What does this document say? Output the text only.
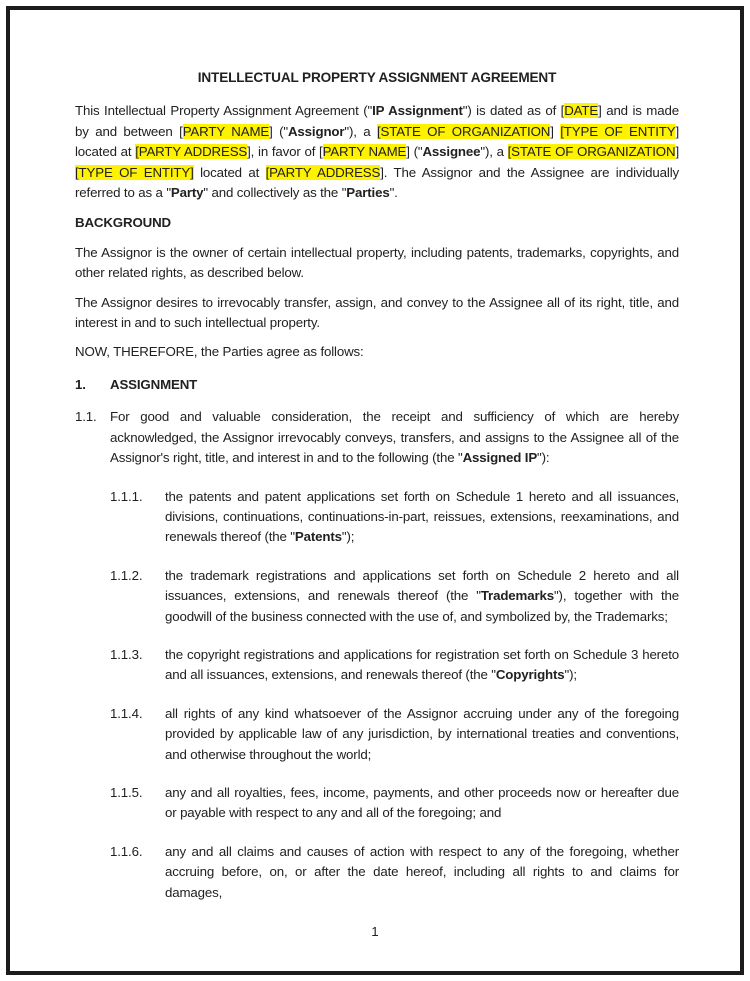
INTELLECTUAL PROPERTY ASSIGNMENT AGREEMENT

This Intellectual Property Assignment Agreement ("IP Assignment") is dated as of [DATE] and is made by and between [PARTY NAME] ("Assignor"), a [STATE OF ORGANIZATION] [TYPE OF ENTITY] located at [PARTY ADDRESS], in favor of [PARTY NAME] ("Assignee"), a [STATE OF ORGANIZATION] [TYPE OF ENTITY] located at [PARTY ADDRESS]. The Assignor and the Assignee are individually referred to as a "Party" and collectively as the "Parties".

BACKGROUND

The Assignor is the owner of certain intellectual property, including patents, trademarks, copyrights, and other related rights, as described below.

The Assignor desires to irrevocably transfer, assign, and convey to the Assignee all of its right, title, and interest in and to such intellectual property.

NOW, THEREFORE, the Parties agree as follows:

1. ASSIGNMENT
1.1. For good and valuable consideration, the receipt and sufficiency of which are hereby acknowledged, the Assignor irrevocably conveys, transfers, and assigns to the Assignee all of the Assignor's right, title, and interest in and to the following (the "Assigned IP"):
1.1.1. the patents and patent applications set forth on Schedule 1 hereto and all issuances, divisions, continuations, continuations-in-part, reissues, extensions, reexaminations, and renewals thereof (the "Patents");
1.1.2. the trademark registrations and applications set forth on Schedule 2 hereto and all issuances, extensions, and renewals thereof (the "Trademarks"), together with the goodwill of the business connected with the use of, and symbolized by, the Trademarks;
1.1.3. the copyright registrations and applications for registration set forth on Schedule 3 hereto and all issuances, extensions, and renewals thereof (the "Copyrights");
1.1.4. all rights of any kind whatsoever of the Assignor accruing under any of the foregoing provided by applicable law of any jurisdiction, by international treaties and conventions, and otherwise throughout the world;
1.1.5. any and all royalties, fees, income, payments, and other proceeds now or hereafter due or payable with respect to any and all of the foregoing; and
1.1.6. any and all claims and causes of action with respect to any of the foregoing, whether accruing before, on, or after the date hereof, including all rights to and claims for damages,
1
